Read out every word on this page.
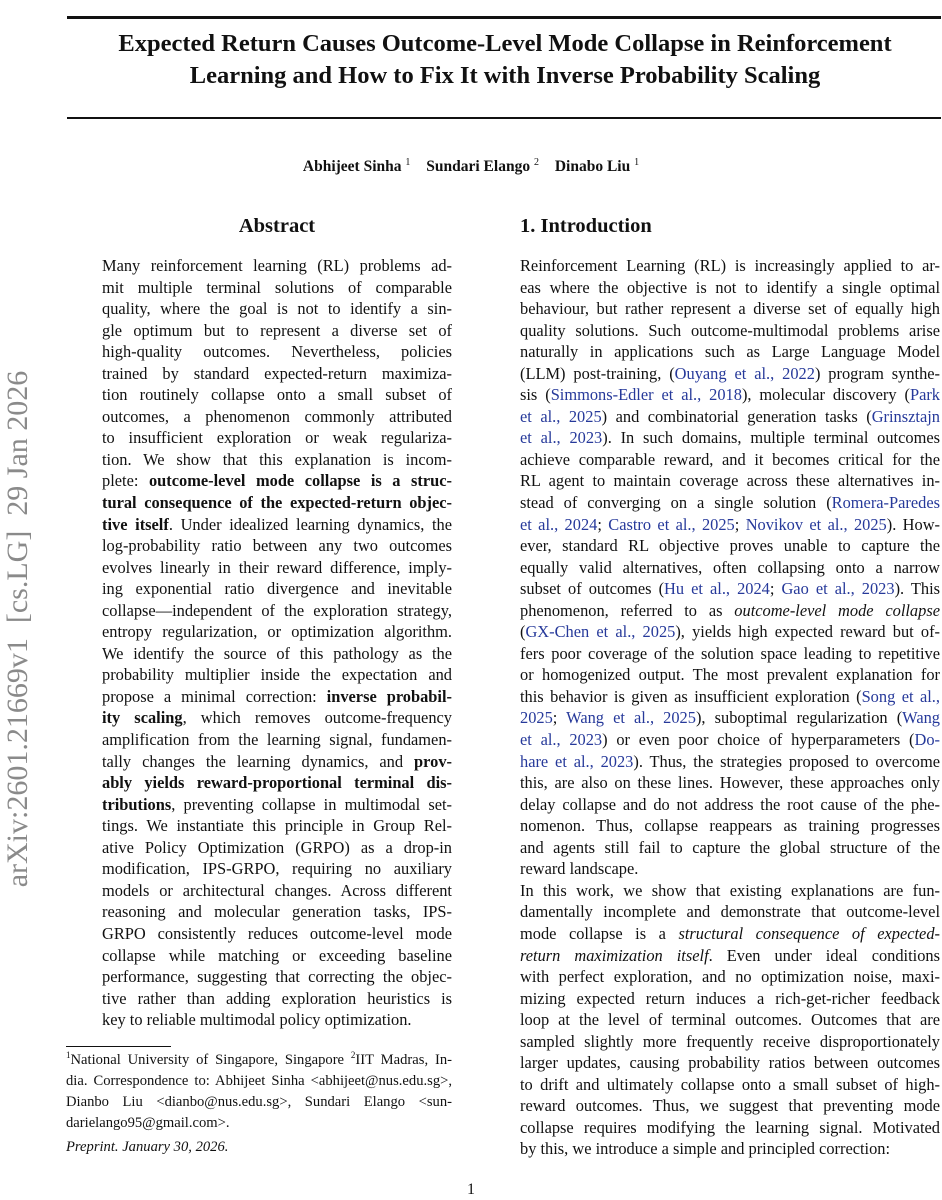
Expected Return Causes Outcome-Level Mode Collapse in Reinforcement
Learning and How to Fix It with Inverse Probability Scaling
Abhijeet Sinha $^1$ Sundari Elango $^2$ Dinabo Liu $^1$
arXiv:2601.21669v1  [cs.LG]  29 Jan 2026
Abstract	1. Introduction
Many reinforcement learning (RL) problems ad-
mit multiple terminal solutions of comparable
quality, where the goal is not to identify a sin-
gle optimum but to represent a diverse set of
high-quality outcomes. Nevertheless, policies
trained by standard expected-return maximiza-
tion routinely collapse onto a small subset of
outcomes, a phenomenon commonly attributed
to insufficient exploration or weak regulariza-
tion. We show that this explanation is incom-
plete: outcome-level mode collapse is a struc-
tural consequence of the expected-return objec-
tive itself. Under idealized learning dynamics, the
log-probability ratio between any two outcomes
evolves linearly in their reward difference, imply-
ing exponential ratio divergence and inevitable
collapse—independent of the exploration strategy,
entropy regularization, or optimization algorithm.
We identify the source of this pathology as the
probability multiplier inside the expectation and
propose a minimal correction: inverse probabil-
ity scaling, which removes outcome-frequency
amplification from the learning signal, fundamen-
tally changes the learning dynamics, and prov-
ably yields reward-proportional terminal dis-
tributions, preventing collapse in multimodal set-
tings. We instantiate this principle in Group Rel-
ative Policy Optimization (GRPO) as a drop-in
modification, IPS-GRPO, requiring no auxiliary
models or architectural changes. Across different
reasoning and molecular generation tasks, IPS-
GRPO consistently reduces outcome-level mode
collapse while matching or exceeding baseline
performance, suggesting that correcting the objec-
tive rather than adding exploration heuristics is
key to reliable multimodal policy optimization.
Reinforcement Learning (RL) is increasingly applied to ar-
eas where the objective is not to identify a single optimal
behaviour, but rather represent a diverse set of equally high
quality solutions. Such outcome-multimodal problems arise
naturally in applications such as Large Language Model
(LLM) post-training, (Ouyang et al., 2022) program synthe-
sis (Simmons-Edler et al., 2018), molecular discovery (Park
et al., 2025) and combinatorial generation tasks (Grinsztajn
et al., 2023). In such domains, multiple terminal outcomes
achieve comparable reward, and it becomes critical for the
RL agent to maintain coverage across these alternatives in-
stead of converging on a single solution (Romera-Paredes
et al., 2024; Castro et al., 2025; Novikov et al., 2025). How-
ever, standard RL objective proves unable to capture the
equally valid alternatives, often collapsing onto a narrow
subset of outcomes (Hu et al., 2024; Gao et al., 2023). This
phenomenon, referred to as outcome-level mode collapse
(GX-Chen et al., 2025), yields high expected reward but of-
fers poor coverage of the solution space leading to repetitive
or homogenized output. The most prevalent explanation for
this behavior is given as insufficient exploration (Song et al.,
2025; Wang et al., 2025), suboptimal regularization (Wang
et al., 2023) or even poor choice of hyperparameters (Do-
hare et al., 2023). Thus, the strategies proposed to overcome
this, are also on these lines. However, these approaches only
delay collapse and do not address the root cause of the phe-
nomenon. Thus, collapse reappears as training progresses
and agents still fail to capture the global structure of the
reward landscape.
In this work, we show that existing explanations are fun-
damentally incomplete and demonstrate that outcome-level
mode collapse is a structural consequence of expected-
return maximization itself. Even under ideal conditions
with perfect exploration, and no optimization noise, maxi-
mizing expected return induces a rich-get-richer feedback
loop at the level of terminal outcomes. Outcomes that are
sampled slightly more frequently receive disproportionately
larger updates, causing probability ratios between outcomes
to drift and ultimately collapse onto a small subset of high-
reward outcomes. Thus, we suggest that preventing mode
collapse requires modifying the learning signal. Motivated
by this, we introduce a simple and principled correction:
$^1$National University of Singapore, Singapore $^2$IIT Madras, In-
dia. Correspondence to: Abhijeet Sinha <abhijeet@nus.edu.sg>,
Dianbo Liu <dianbo@nus.edu.sg>, Sundari Elango <sun-
darielango95@gmail.com>.
Preprint. January 30, 2026.
1
